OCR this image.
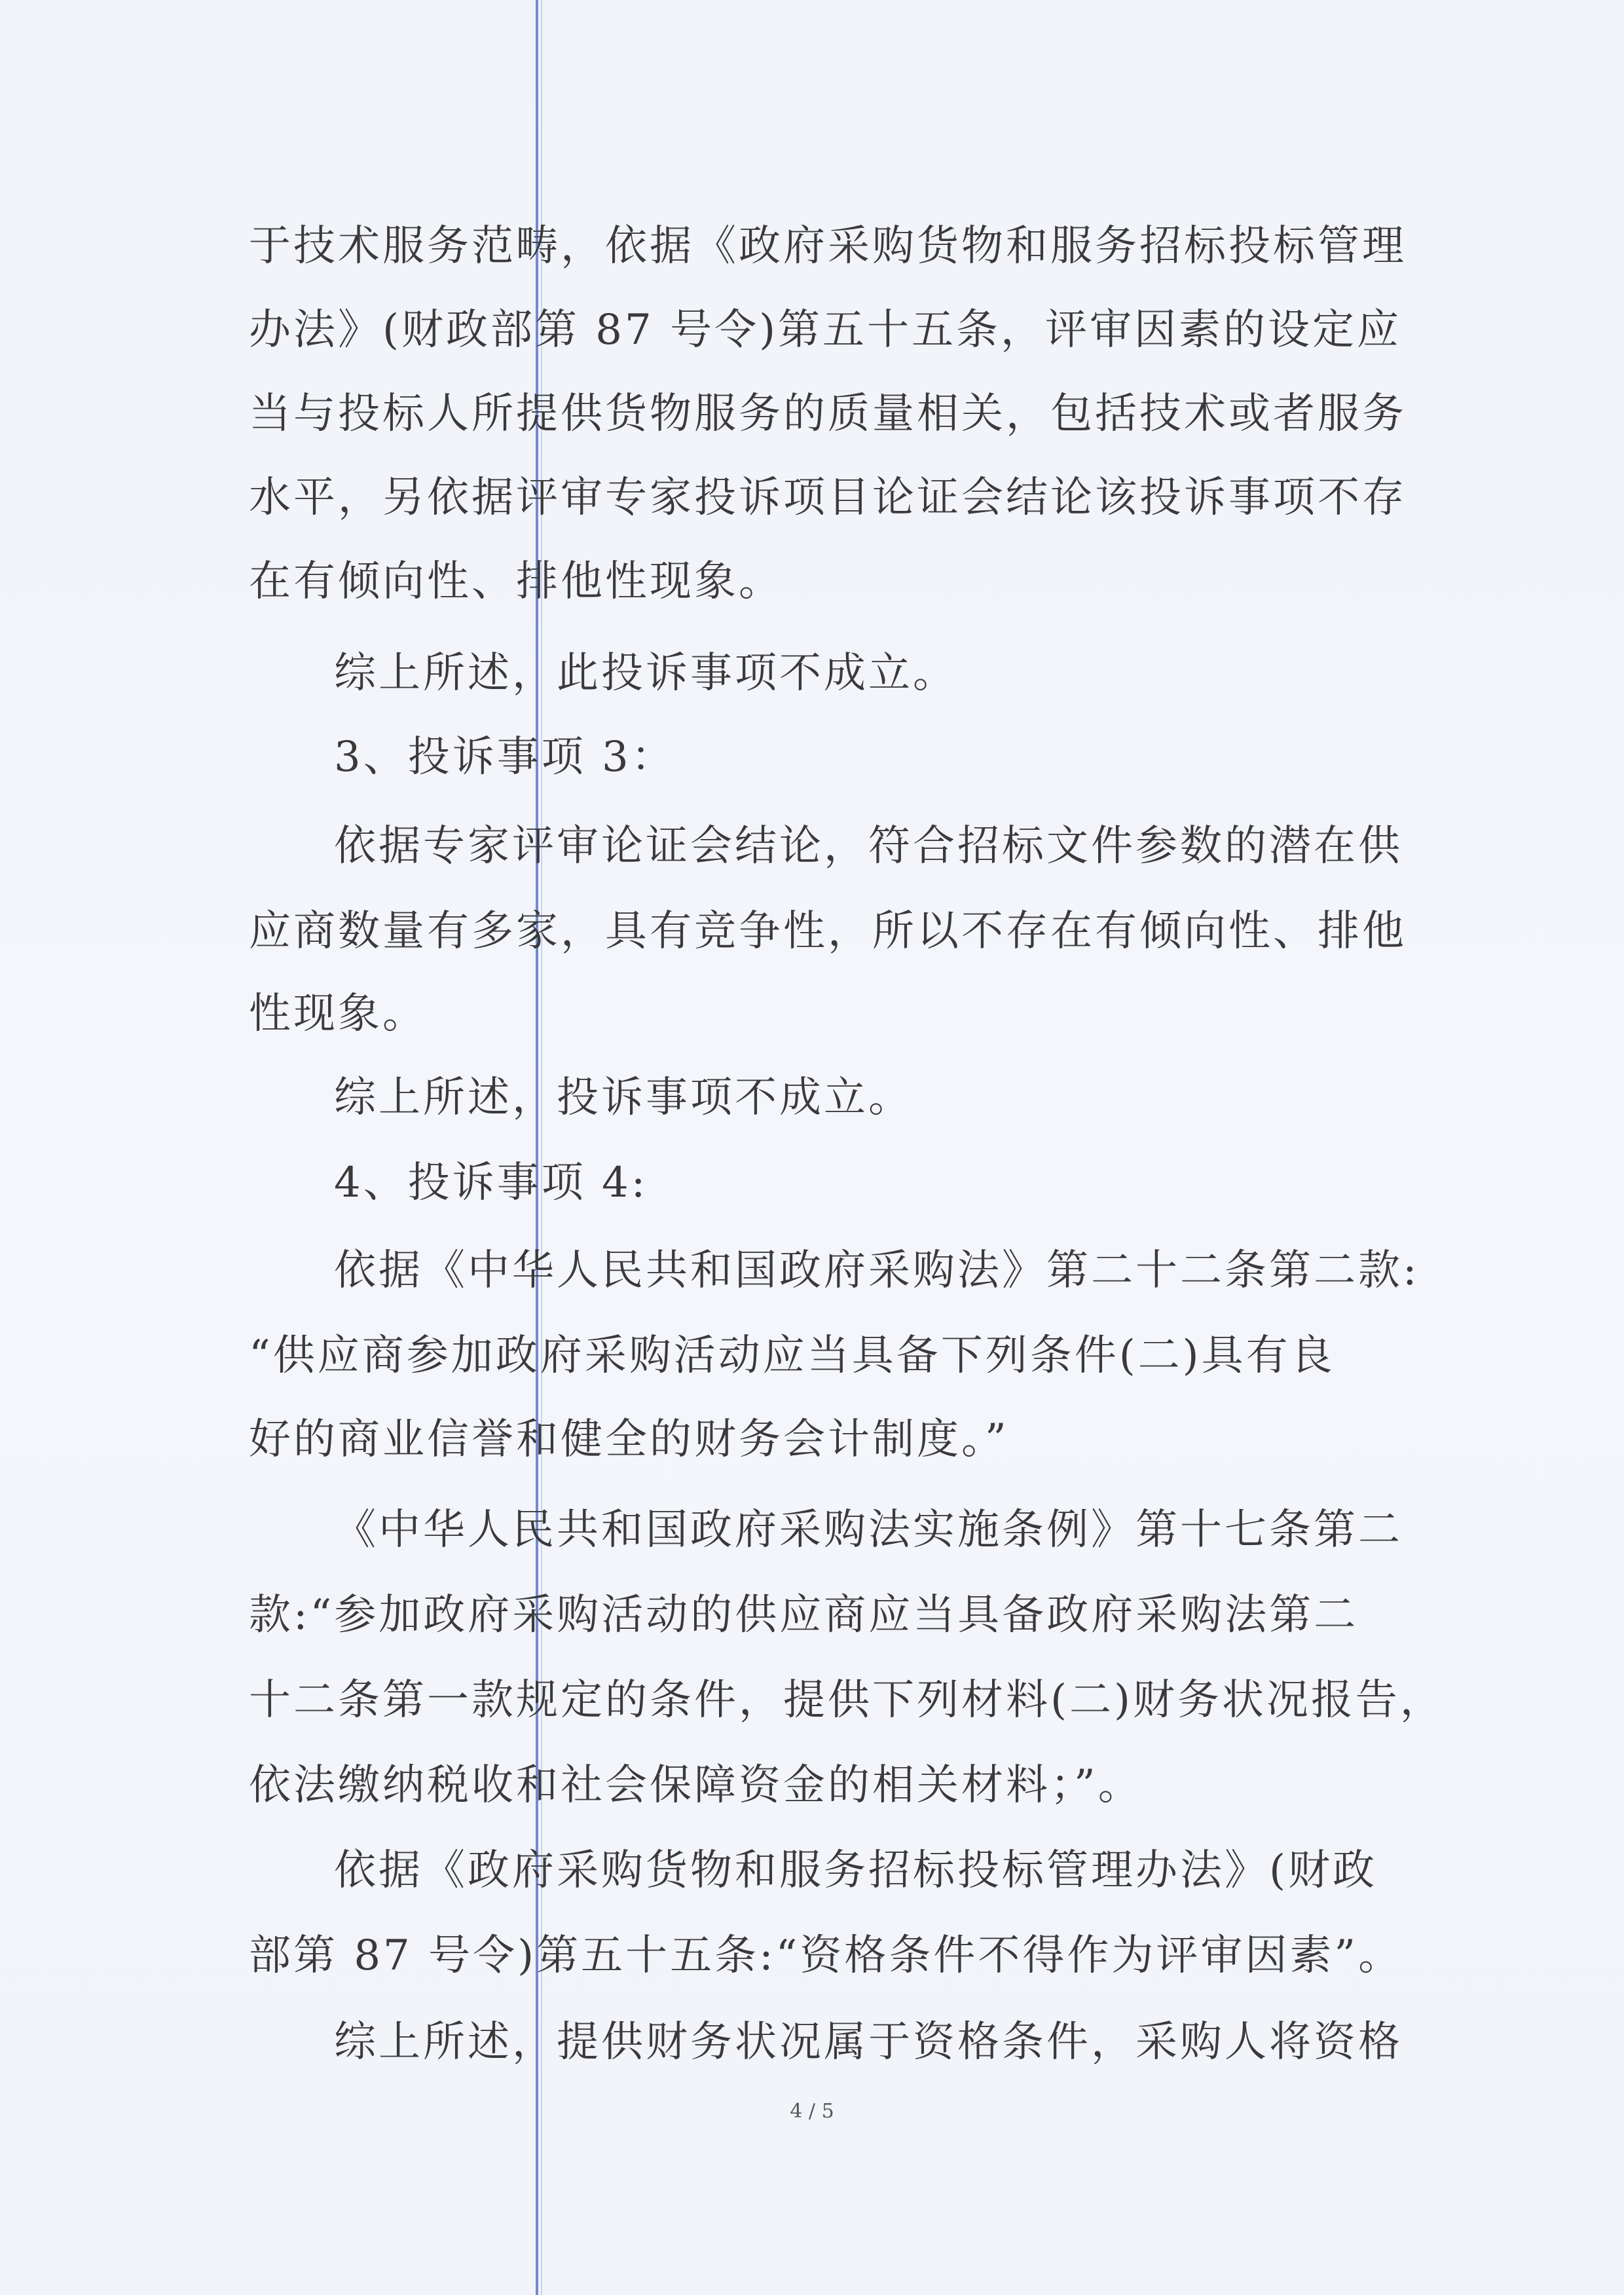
于技术服务范畴，依据《政府采购货物和服务招标投标管理
办法》(财政部第 87 号令)第五十五条，评审因素的设定应
当与投标人所提供货物服务的质量相关，包括技术或者服务
水平，另依据评审专家投诉项目论证会结论该投诉事项不存
在有倾向性、排他性现象。
综上所述，此投诉事项不成立。
3、投诉事项 3：
依据专家评审论证会结论，符合招标文件参数的潜在供
应商数量有多家，具有竞争性，所以不存在有倾向性、排他
性现象。
综上所述，投诉事项不成立。
4、投诉事项 4:
依据《中华人民共和国政府采购法》第二十二条第二款:
“供应商参加政府采购活动应当具备下列条件(二)具有良
好的商业信誉和健全的财务会计制度。”
《中华人民共和国政府采购法实施条例》第十七条第二
款:“参加政府采购活动的供应商应当具备政府采购法第二
十二条第一款规定的条件，提供下列材料(二)财务状况报告，
依法缴纳税收和社会保障资金的相关材料；”。
依据《政府采购货物和服务招标投标管理办法》(财政
部第 87 号令)第五十五条:“资格条件不得作为评审因素”。
综上所述，提供财务状况属于资格条件，采购人将资格
4 / 5
